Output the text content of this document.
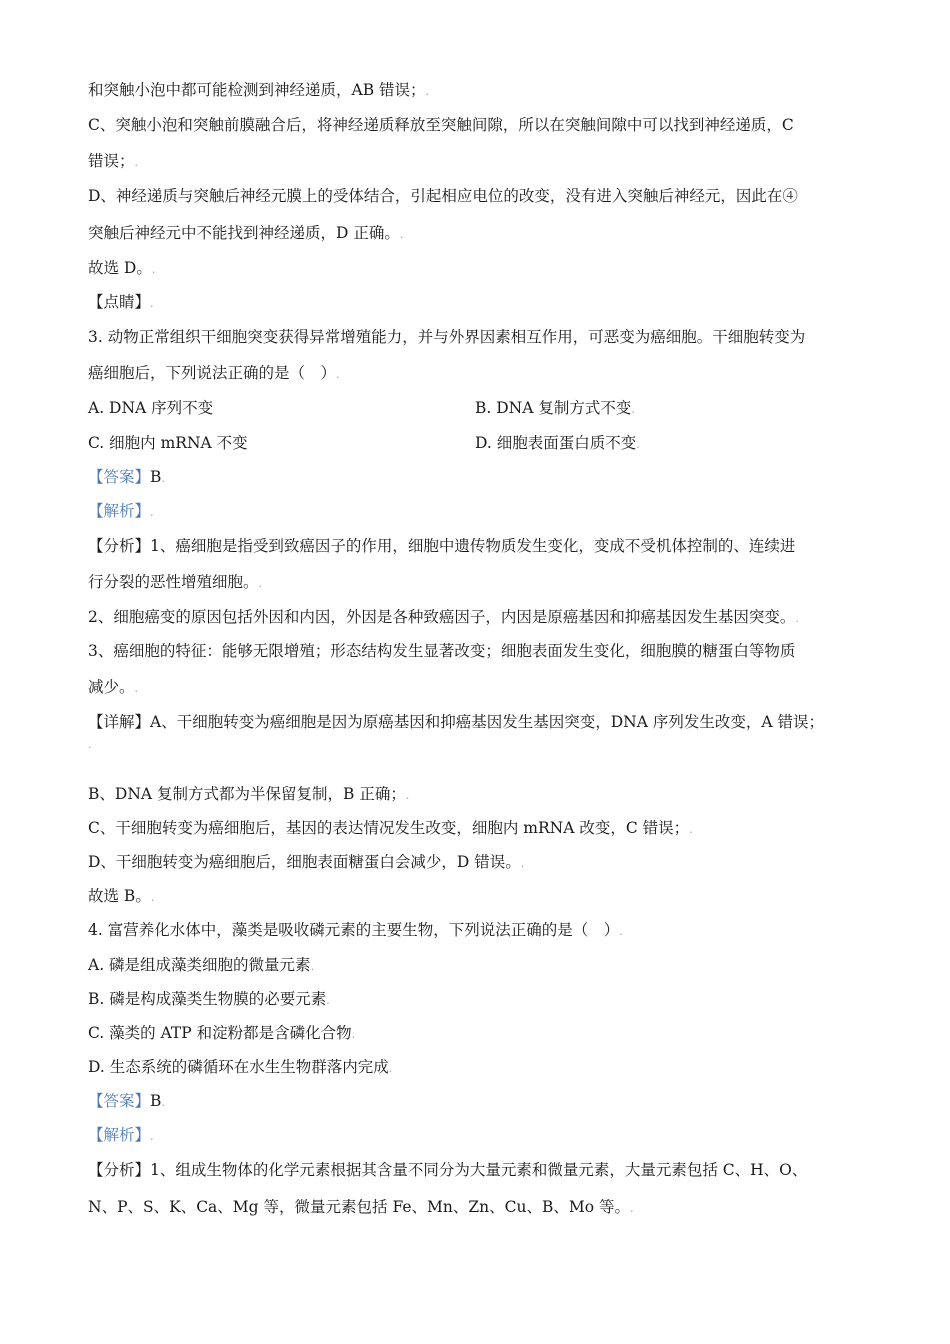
和突触小泡中都可能检测到神经递质，AB 错误；.
C、突触小泡和突触前膜融合后，将神经递质释放至突触间隙，所以在突触间隙中可以找到神经递质，C
错误；.
D、神经递质与突触后神经元膜上的受体结合，引起相应电位的改变，没有进入突触后神经元，因此在④
突触后神经元中不能找到神经递质，D 正确。.
故选 D。.
【点睛】.
3. 动物正常组织干细胞突变获得异常增殖能力，并与外界因素相互作用，可恶变为癌细胞。干细胞转变为
癌细胞后，下列说法正确的是（　）.
A. DNA 序列不变	B. DNA 复制方式不变.
C. 细胞内 mRNA 不变	D. 细胞表面蛋白质不变.
【答案】B.
【解析】.
【分析】1、癌细胞是指受到致癌因子的作用，细胞中遗传物质发生变化，变成不受机体控制的、连续进
行分裂的恶性增殖细胞。.
2、细胞癌变的原因包括外因和内因，外因是各种致癌因子，内因是原癌基因和抑癌基因发生基因突变。.
3、癌细胞的特征：能够无限增殖；形态结构发生显著改变；细胞表面发生变化，细胞膜的糖蛋白等物质
减少。.
【详解】A、干细胞转变为癌细胞是因为原癌基因和抑癌基因发生基因突变，DNA 序列发生改变，A 错误；
.
B、DNA 复制方式都为半保留复制，B 正确；.
C、干细胞转变为癌细胞后，基因的表达情况发生改变，细胞内 mRNA 改变，C 错误；.
D、干细胞转变为癌细胞后，细胞表面糖蛋白会减少，D 错误。.
故选 B。.
4. 富营养化水体中，藻类是吸收磷元素的主要生物，下列说法正确的是（　）.
A. 磷是组成藻类细胞的微量元素.
B. 磷是构成藻类生物膜的必要元素.
C. 藻类的 ATP 和淀粉都是含磷化合物.
D. 生态系统的磷循环在水生生物群落内完成.
【答案】B.
【解析】.
【分析】1、组成生物体的化学元素根据其含量不同分为大量元素和微量元素，大量元素包括 C、H、O、
N、P、S、K、Ca、Mg 等，微量元素包括 Fe、Mn、Zn、Cu、B、Mo 等。.
